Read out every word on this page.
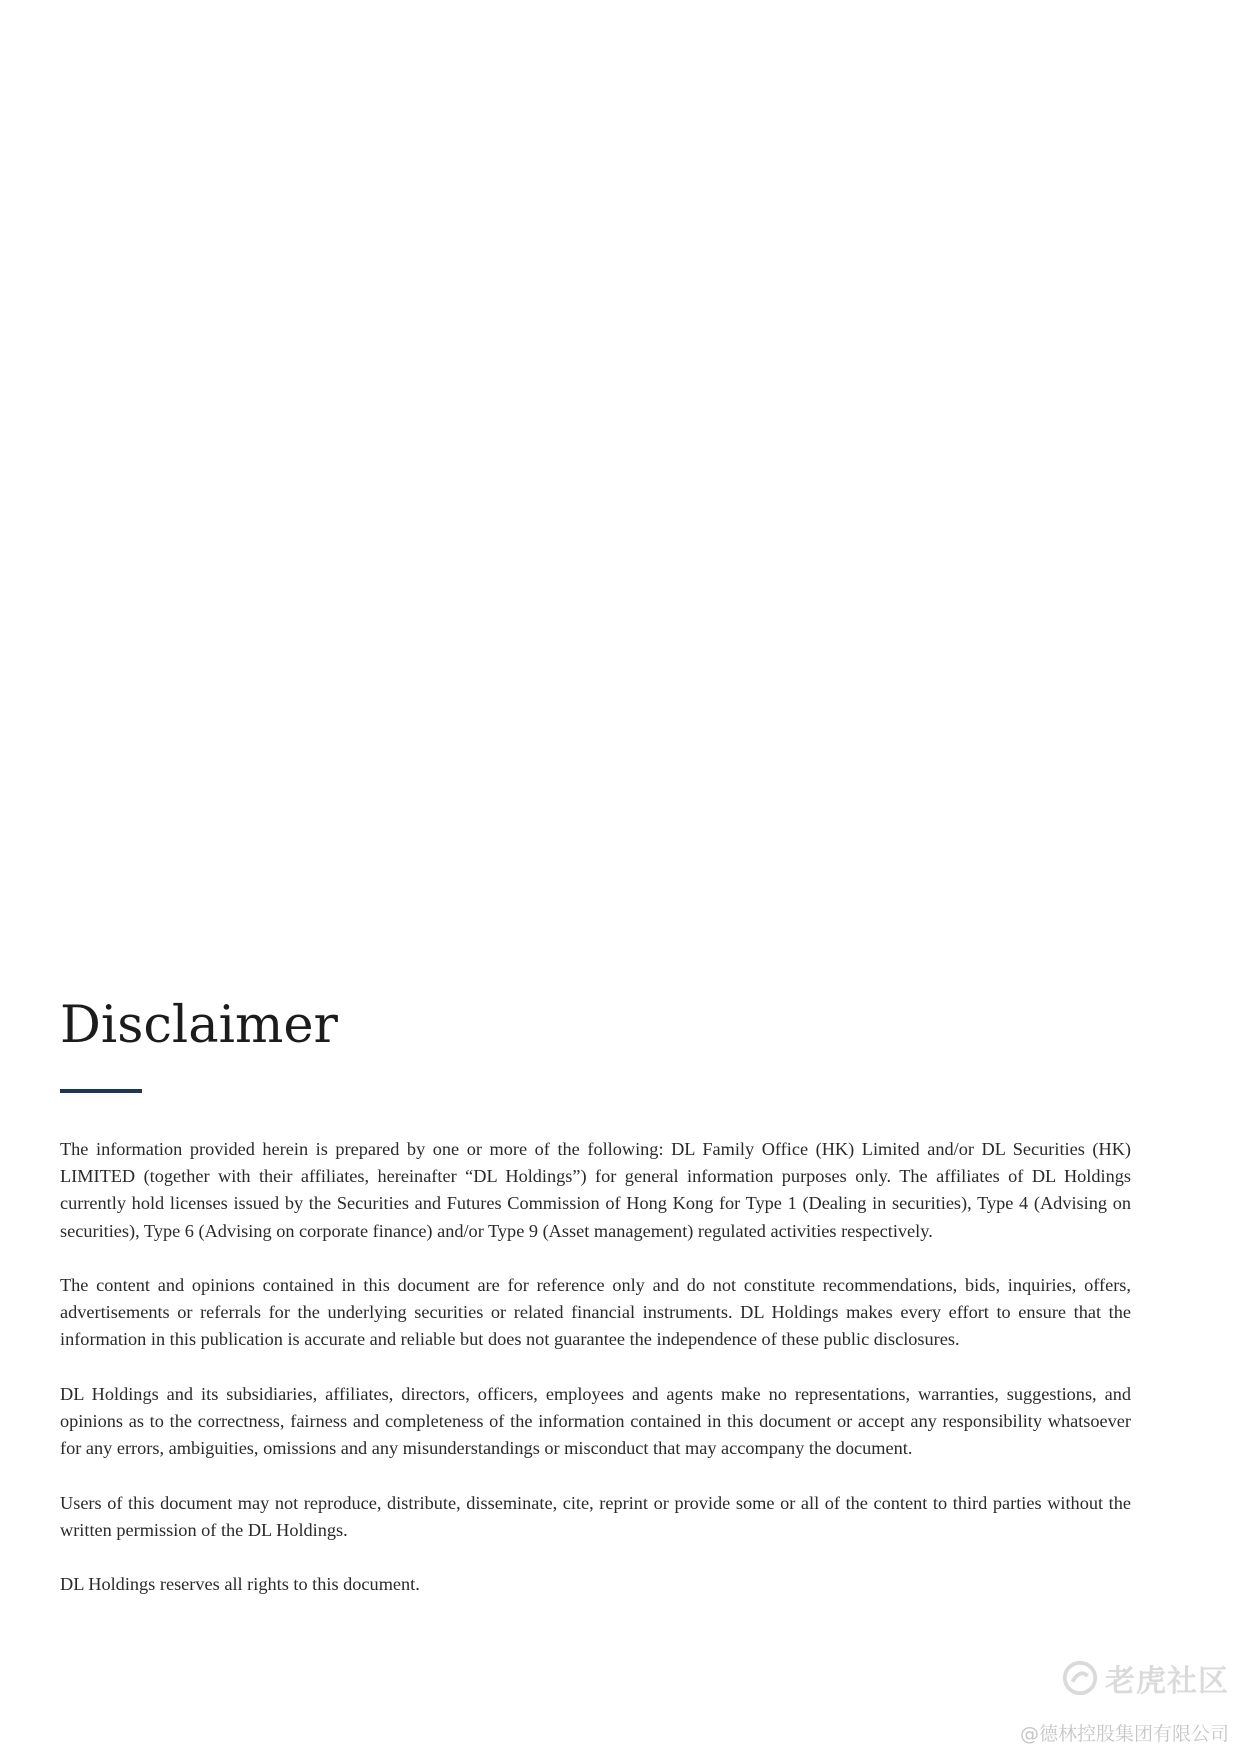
Disclaimer

The information provided herein is prepared by one or more of the following: DL Family Office (HK) Limited and/or DL Securities (HK) LIMITED (together with their affiliates, hereinafter “DL Holdings”) for general information purposes only. The affiliates of DL Holdings currently hold licenses issued by the Securities and Futures Commission of Hong Kong for Type 1 (Dealing in securities), Type 4 (Advising on securities), Type 6 (Advising on corporate finance) and/or Type 9 (Asset management) regulated activities respectively.

The content and opinions contained in this document are for reference only and do not constitute recommendations, bids, inquiries, offers, advertisements or referrals for the underlying securities or related financial instruments. DL Holdings makes every effort to ensure that the information in this publication is accurate and reliable but does not guarantee the independence of these public disclosures.

DL Holdings and its subsidiaries, affiliates, directors, officers, employees and agents make no representations, warranties, suggestions, and opinions as to the correctness, fairness and completeness of the information contained in this document or accept any responsibility whatsoever for any errors, ambiguities, omissions and any misunderstandings or misconduct that may accompany the document.

Users of this document may not reproduce, distribute, disseminate, cite, reprint or provide some or all of the content to third parties without the written permission of the DL Holdings.

DL Holdings reserves all rights to this document.

老虎社区
@德林控股集团有限公司
